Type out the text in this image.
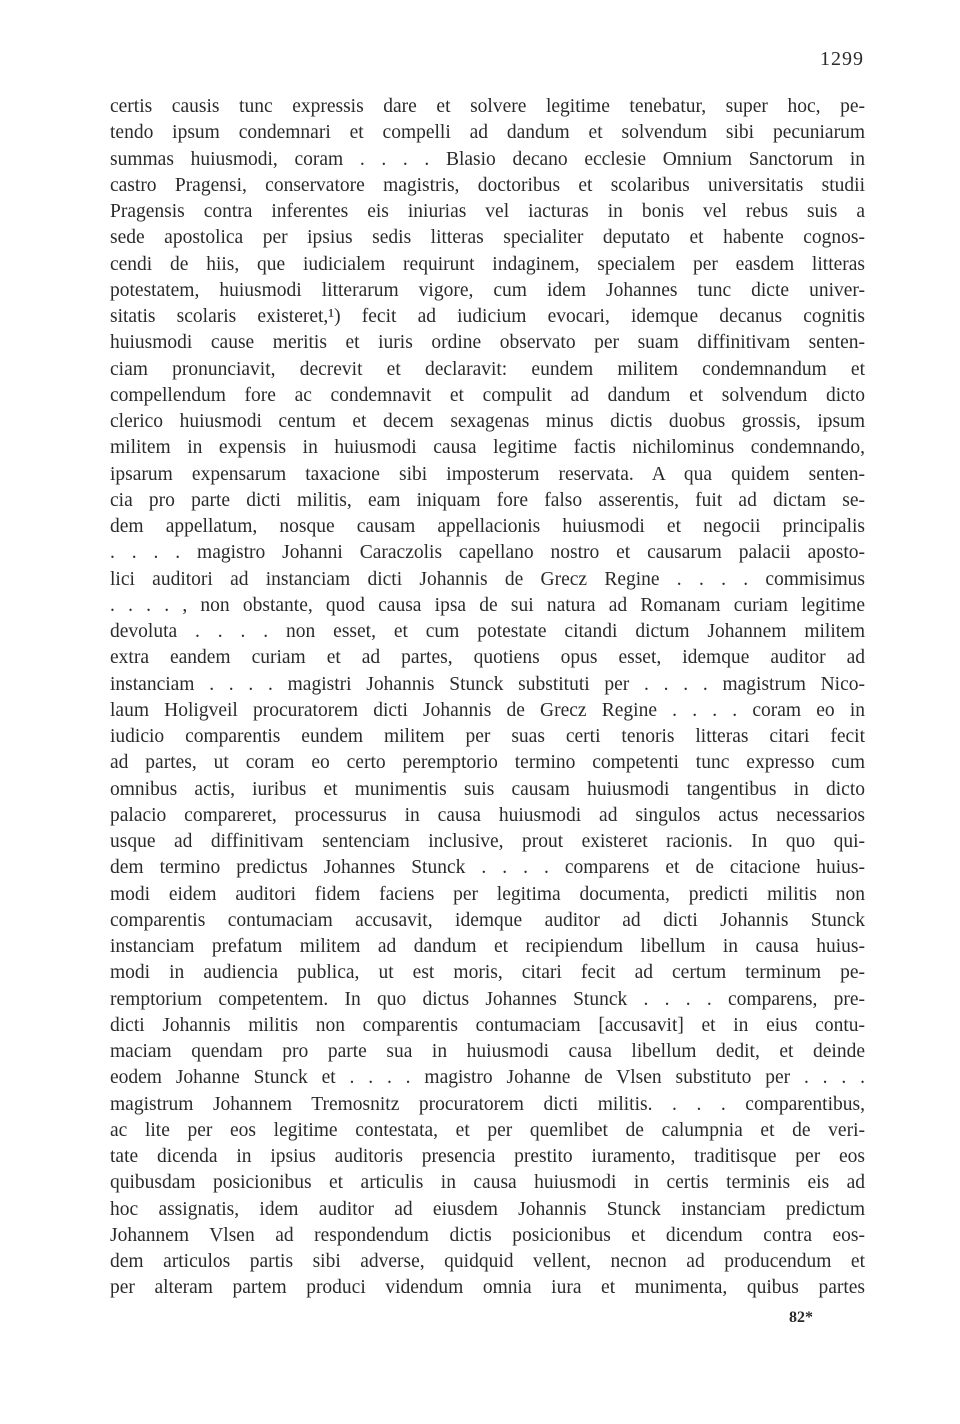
1299
certis causis tunc expressis dare et solvere legitime tenebatur, super hoc, pe-
tendo ipsum condemnari et compelli ad dandum et solvendum sibi pecuniarum
summas huiusmodi, coram . . . . Blasio decano ecclesie Omnium Sanctorum in
castro Pragensi, conservatore magistris, doctoribus et scolaribus universitatis studii
Pragensis contra inferentes eis iniurias vel iacturas in bonis vel rebus suis a
sede apostolica per ipsius sedis litteras specialiter deputato et habente cognos-
cendi de hiis, que iudicialem requirunt indaginem, specialem per easdem litteras
potestatem, huiusmodi litterarum vigore, cum idem Johannes tunc dicte univer-
sitatis scolaris existeret,¹) fecit ad iudicium evocari, idemque decanus cognitis
huiusmodi cause meritis et iuris ordine observato per suam diffinitivam senten-
ciam pronunciavit, decrevit et declaravit: eundem militem condemnandum et
compellendum fore ac condemnavit et compulit ad dandum et solvendum dicto
clerico huiusmodi centum et decem sexagenas minus dictis duobus grossis, ipsum
militem in expensis in huiusmodi causa legitime factis nichilominus condemnando,
ipsarum expensarum taxacione sibi imposterum reservata. A qua quidem senten-
cia pro parte dicti militis, eam iniquam fore falso asserentis, fuit ad dictam se-
dem appellatum, nosque causam appellacionis huiusmodi et negocii principalis
. . . . magistro Johanni Caraczolis capellano nostro et causarum palacii aposto-
lici auditori ad instanciam dicti Johannis de Grecz Regine . . . . commisimus
. . . . , non obstante, quod causa ipsa de sui natura ad Romanam curiam legitime
devoluta . . . . non esset, et cum potestate citandi dictum Johannem militem
extra eandem curiam et ad partes, quotiens opus esset, idemque auditor ad
instanciam . . . . magistri Johannis Stunck substituti per . . . . magistrum Nico-
laum Holigveil procuratorem dicti Johannis de Grecz Regine . . . . coram eo in
iudicio comparentis eundem militem per suas certi tenoris litteras citari fecit
ad partes, ut coram eo certo peremptorio termino competenti tunc expresso cum
omnibus actis, iuribus et munimentis suis causam huiusmodi tangentibus in dicto
palacio compareret, processurus in causa huiusmodi ad singulos actus necessarios
usque ad diffinitivam sentenciam inclusive, prout existeret racionis. In quo qui-
dem termino predictus Johannes Stunck . . . . comparens et de citacione huius-
modi eidem auditori fidem faciens per legitima documenta, predicti militis non
comparentis contumaciam accusavit, idemque auditor ad dicti Johannis Stunck
instanciam prefatum militem ad dandum et recipiendum libellum in causa huius-
modi in audiencia publica, ut est moris, citari fecit ad certum terminum pe-
remptorium competentem. In quo dictus Johannes Stunck . . . . comparens, pre-
dicti Johannis militis non comparentis contumaciam [accusavit] et in eius contu-
maciam quendam pro parte sua in huiusmodi causa libellum dedit, et deinde
eodem Johanne Stunck et . . . . magistro Johanne de Vlsen substituto per . . . .
magistrum Johannem Tremosnitz procuratorem dicti militis. . . . comparentibus,
ac lite per eos legitime contestata, et per quemlibet de calumpnia et de veri-
tate dicenda in ipsius auditoris presencia prestito iuramento, traditisque per eos
quibusdam posicionibus et articulis in causa huiusmodi in certis terminis eis ad
hoc assignatis, idem auditor ad eiusdem Johannis Stunck instanciam predictum
Johannem Vlsen ad respondendum dictis posicionibus et dicendum contra eos-
dem articulos partis sibi adverse, quidquid vellent, necnon ad producendum et
per alteram partem produci videndum omnia iura et munimenta, quibus partes
82*
